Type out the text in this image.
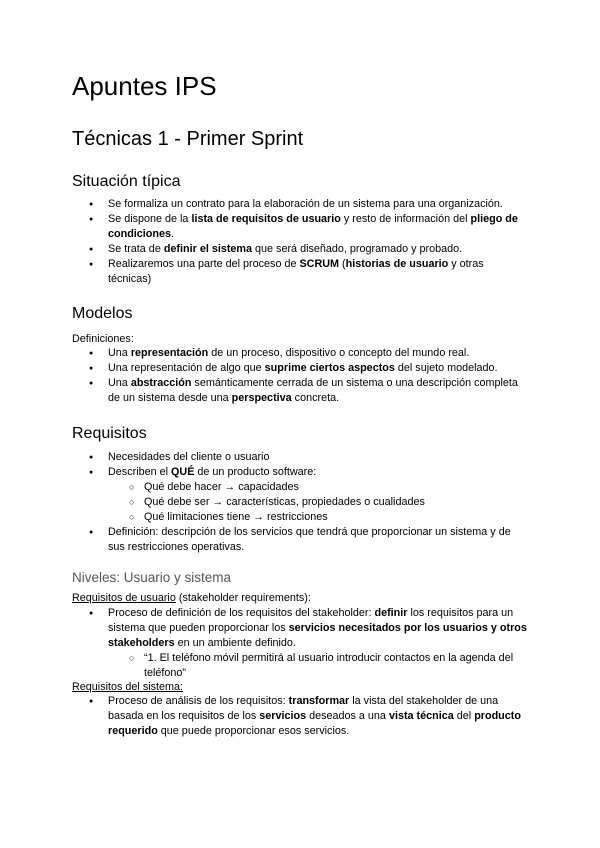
Apuntes IPS
Técnicas 1 - Primer Sprint
Situación típica
● Se formaliza un contrato para la elaboración de un sistema para una organización.
● Se dispone de la lista de requisitos de usuario y resto de información del pliego de condiciones.
● Se trata de definir el sistema que será diseñado, programado y probado.
● Realizaremos una parte del proceso de SCRUM (historias de usuario y otras técnicas)
Modelos

Definiciones:

● Una representación de un proceso, dispositivo o concepto del mundo real.
● Una representación de algo que suprime ciertos aspectos del sujeto modelado.
● Una abstracción semánticamente cerrada de un sistema o una descripción completa de un sistema desde una perspectiva concreta.
Requisitos
● Necesidades del cliente o usuario
● Describen el QUÉ de un producto software:
○ Qué debe hacer → capacidades
○ Qué debe ser → características, propiedades o cualidades
○ Qué limitaciones tiene → restricciones
● Definición: descripción de los servicios que tendrá que proporcionar un sistema y de sus restricciones operativas.
Niveles: Usuario y sistema

Requisitos de usuario (stakeholder requirements):

● Proceso de definición de los requisitos del stakeholder: definir los requisitos para un sistema que pueden proporcionar los servicios necesitados por los usuarios y otros stakeholders en un ambiente definido.
○ “1. El teléfono móvil permitirá al usuario introducir contactos en la agenda del teléfono”

Requisitos del sistema:

● Proceso de análisis de los requisitos: transformar la vista del stakeholder de una basada en los requisitos de los servicios deseados a una vista técnica del producto requerido que puede proporcionar esos servicios.
